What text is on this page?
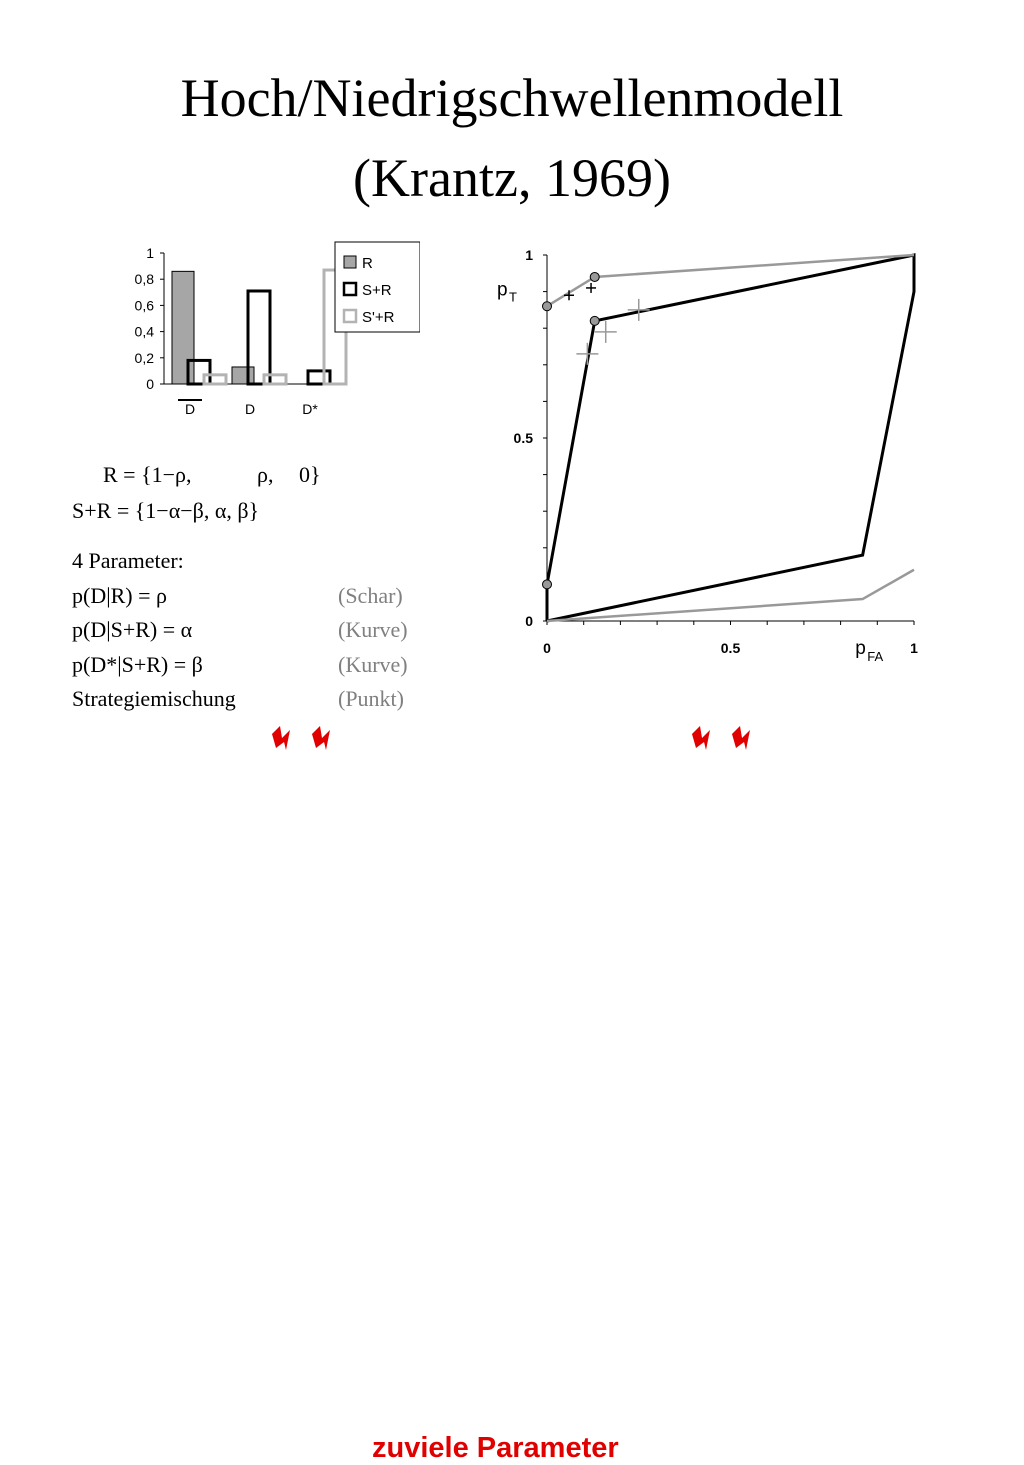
Hoch/Niedrigschwellenmodell
(Krantz, 1969)
0
0,2
0,4
0,6
0,8
1
D	D	D*
R
S+R
S'+R
0
0.5
1
0	0.5	1
p T
p FA
R = {1−ρ,	ρ, 0}
S+R = {1−α−β, α, β}
4 Parameter:
p(D|R) = ρ	(Schar)
p(D|S+R) = α	(Kurve)
p(D*|S+R) = β	(Kurve)
Strategiemischung	(Punkt)
zuviele Parameter
